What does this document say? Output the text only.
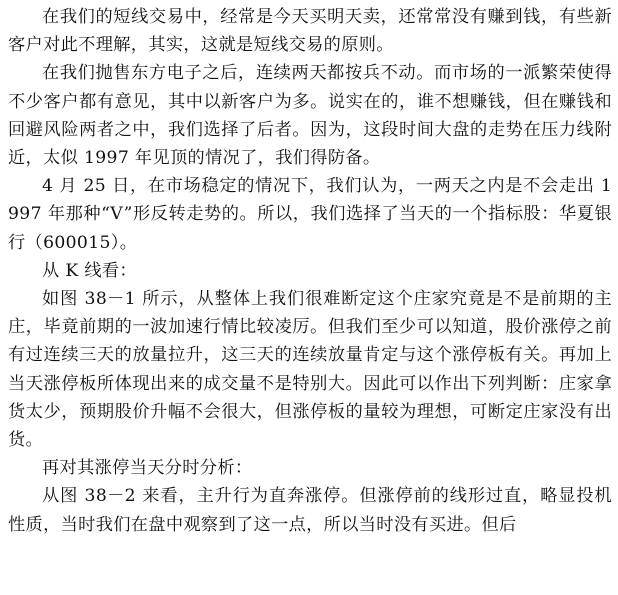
在我们的短线交易中，经常是今天买明天卖，还常常没有赚到钱，有些新客户对此不理解，其实，这就是短线交易的原则。

在我们抛售东方电子之后，连续两天都按兵不动。而市场的一派繁荣使得不少客户都有意见，其中以新客户为多。说实在的，谁不想赚钱，但在赚钱和回避风险两者之中，我们选择了后者。因为，这段时间大盘的走势在压力线附近，太似 1997 年见顶的情况了，我们得防备。

4 月 25 日，在市场稳定的情况下，我们认为，一两天之内是不会走出 1997 年那种“V”形反转走势的。所以，我们选择了当天的一个指标股：华夏银行（600015）。

从 K 线看：

如图 38－1 所示，从整体上我们很难断定这个庄家究竟是不是前期的主庄，毕竟前期的一波加速行情比较凌厉。但我们至少可以知道，股价涨停之前有过连续三天的放量拉升，这三天的连续放量肯定与这个涨停板有关。再加上当天涨停板所体现出来的成交量不是特别大。因此可以作出下列判断：庄家拿货太少，预期股价升幅不会很大，但涨停板的量较为理想，可断定庄家没有出货。

再对其涨停当天分时分析：

从图 38－2 来看，主升行为直奔涨停。但涨停前的线形过直，略显投机性质，当时我们在盘中观察到了这一点，所以当时没有买进。但后
